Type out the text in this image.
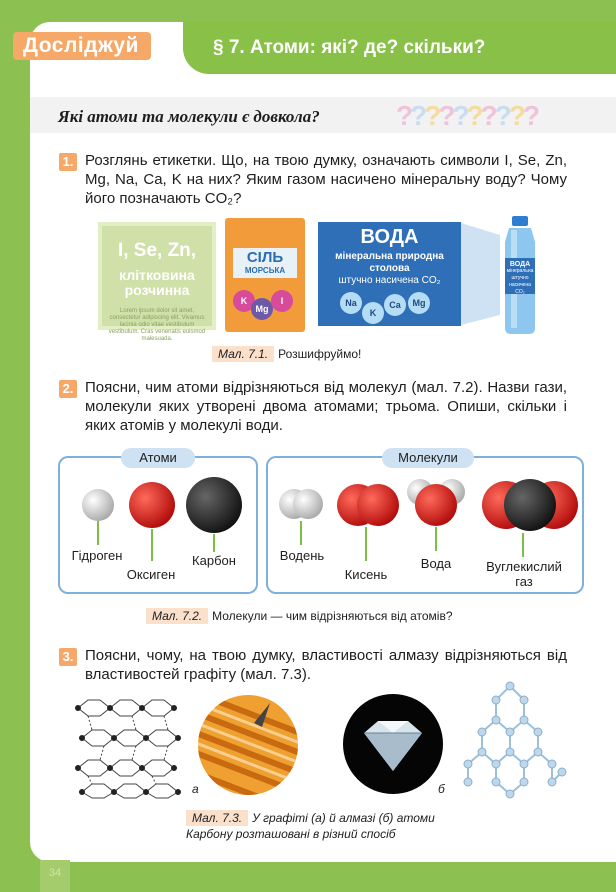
Досліджуй	§ 7. Атоми: які? де? скільки?
Які атоми та молекули є довкола?	??????????
1. Розглянь етикетки. Що, на твою думку, означають символи I, Se, Zn, Mg, Na, Ca, K на них? Яким газом насичено мінеральну воду? Чому його позначають CO₂?
I, Se, Zn,
клітковина розчинна
Lorem ipsum dolor sit amet, consectetur adipiscing elit. Vivamus lacinia odio vitae vestibulum vestibulum. Cras venenatis euismod malesuada.
СІЛЬ
МОРСЬКА
K
Mg
I
ВОДА
мінеральна природна
столова
штучно насичена CO₂
Na
K
Ca	Mg
ВОДА
мінеральна
штучно насичена CO₂
Мал. 7.1. Розшифруймо!
2. Поясни, чим атоми відрізняються від молекул (мал. 7.2). Назви гази, молекули яких утворені двома атомами; трьома. Опиши, скільки і яких атомів у молекулі води.
Атоми	Молекули
Гідроген
Оксиген
Карбон	Водень
Кисень
Вода	Вуглекислий газ
Мал. 7.2. Молекули — чим відрізняються від атомів?
3. Поясни, чому, на твою думку, властивості алмазу відрізняються від властивостей графіту (мал. 7.3).
а	б
Мал. 7.3. У графіті (а) й алмазі (б) атоми
Карбону розташовані в різний спосіб
34
